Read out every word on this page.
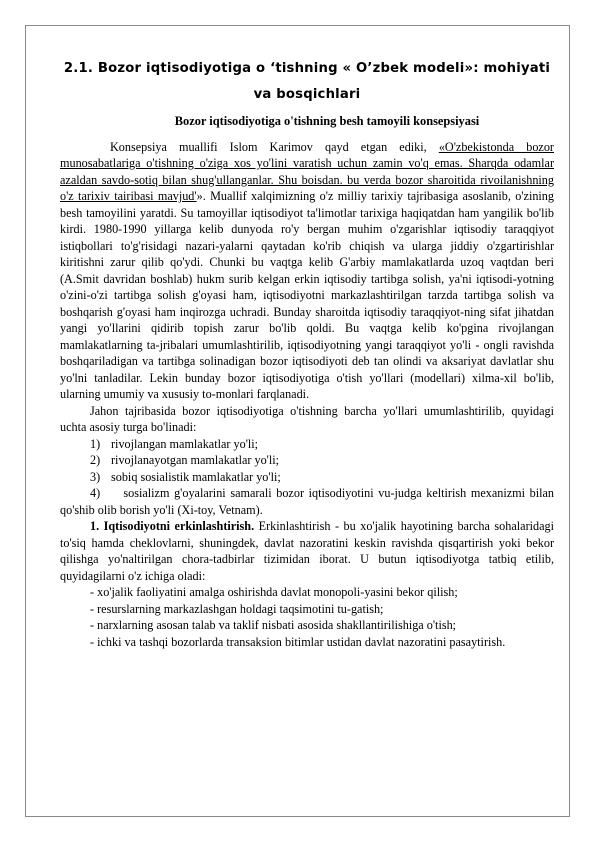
2.1. Bozor iqtisodiyotiga o ‘tishning « O’zbek modeli»: mohiyati va bosqichlari
Bozor iqtisodiyotiga o'tishning besh tamoyili konsepsiyasi

Konsepsiya muallifi Islom Karimov qayd etgan ediki, «O'zbekistonda bozor munosabatlariga o'tishning o'ziga xos yo'lini varatish uchun zamin vo'q emas. Sharqda odamlar azaldan savdo-sotiq bilan shug'ullanganlar. Shu boisdan. bu verda bozor sharoitida rivoilanishning o'z tarixiv tairibasi mavjud'». Muallif xalqimizning o'z milliy tarixiy tajribasiga asoslanib, o'zining besh tamoyilini yaratdi. Su tamoyillar iqtisodiyot ta'limotlar tarixiga haqiqatdan ham yangilik bo'lib kirdi. 1980-1990 yillarga kelib dunyoda ro'y bergan muhim o'zgarishlar iqtisodiy taraqqiyot istiqbollari to'g'risidagi nazari-yalarni qaytadan ko'rib chiqish va ularga jiddiy o'zgartirishlar kiritishni zarur qilib qo'ydi. Chunki bu vaqtga kelib G'arbiy mamlakatlarda uzoq vaqtdan beri (A.Smit davridan boshlab) hukm surib kelgan erkin iqtisodiy tartibga solish, ya'ni iqtisodi-yotning o'zini-o'zi tartibga solish g'oyasi ham, iqtisodiyotni markazlashtirilgan tarzda tartibga solish va boshqarish g'oyasi ham inqirozga uchradi. Bunday sharoitda iqtisodiy taraqqiyot-ning sifat jihatdan yangi yo'llarini qidirib topish zarur bo'lib qoldi. Bu vaqtga kelib ko'pgina rivojlangan mamlakatlarning ta-jribalari umumlashtirilib, iqtisodiyotning yangi taraqqiyot yo'li - ongli ravishda boshqariladigan va tartibga solinadigan bozor iqtisodiyoti deb tan olindi va aksariyat davlatlar shu yo'lni tanladilar. Lekin bunday bozor iqtisodiyotiga o'tish yo'llari (modellari) xilma-xil bo'lib, ularning umumiy va xususiy to-monlari farqlanadi.

Jahon tajribasida bozor iqtisodiyotiga o'tishning barcha yo'llari umumlashtirilib, quyidagi uchta asosiy turga bo'linadi:

1) rivojlangan mamlakatlar yo'li;
2) rivojlanayotgan mamlakatlar yo'li;
3) sobiq sosialistik mamlakatlar yo'li;

4) sosializm g'oyalarini samarali bozor iqtisodiyotini vu-judga keltirish mexanizmi bilan qo'shib olib borish yo'li (Xi-toy, Vetnam).

1. Iqtisodiyotni erkinlashtirish. Erkinlashtirish - bu xo'jalik hayotining barcha sohalaridagi to'siq hamda cheklovlarni, shuningdek, davlat nazoratini keskin ravishda qisqartirish yoki bekor qilishga yo'naltirilgan chora-tadbirlar tizimidan iborat. U butun iqtisodiyotga tatbiq etilib, quyidagilarni o'z ichiga oladi:

- xo'jalik faoliyatini amalga oshirishda davlat monopoli-yasini bekor qilish;

- resurslarning markazlashgan holdagi taqsimotini tu-gatish;

- narxlarning asosan talab va taklif nisbati asosida shakllantirilishiga o'tish;

- ichki va tashqi bozorlarda transaksion bitimlar ustidan davlat nazoratini pasaytirish.
